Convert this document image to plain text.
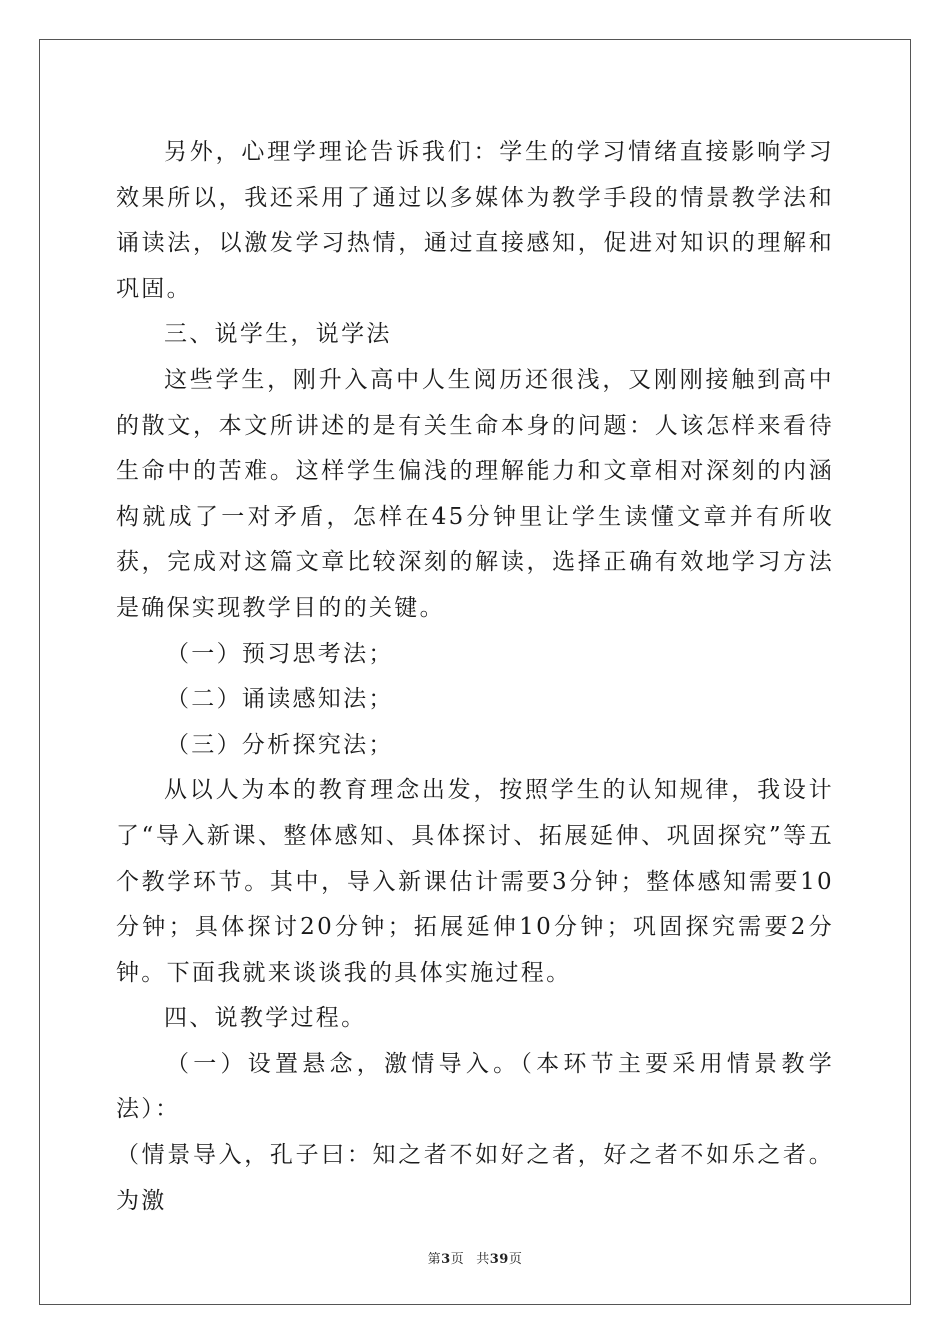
另外，心理学理论告诉我们：学生的学习情绪直接影响学习效果所以，我还采用了通过以多媒体为教学手段的情景教学法和诵读法，以激发学习热情，通过直接感知，促进对知识的理解和巩固。

三、说学生，说学法

这些学生，刚升入高中人生阅历还很浅，又刚刚接触到高中的散文，本文所讲述的是有关生命本身的问题：人该怎样来看待生命中的苦难。这样学生偏浅的理解能力和文章相对深刻的内涵构就成了一对矛盾，怎样在45分钟里让学生读懂文章并有所收获，完成对这篇文章比较深刻的解读，选择正确有效地学习方法是确保实现教学目的的关键。

（一）预习思考法；

（二）诵读感知法；

（三）分析探究法；

从以人为本的教育理念出发，按照学生的认知规律，我设计了“导入新课、整体感知、具体探讨、拓展延伸、巩固探究”等五个教学环节。其中，导入新课估计需要3分钟；整体感知需要10分钟；具体探讨20分钟；拓展延伸10分钟；巩固探究需要2分钟。下面我就来谈谈我的具体实施过程。

四、说教学过程。

（一）设置悬念，激情导入。（本环节主要采用情景教学法）：

（情景导入，孔子曰：知之者不如好之者，好之者不如乐之者。为激

第3页 共39页
